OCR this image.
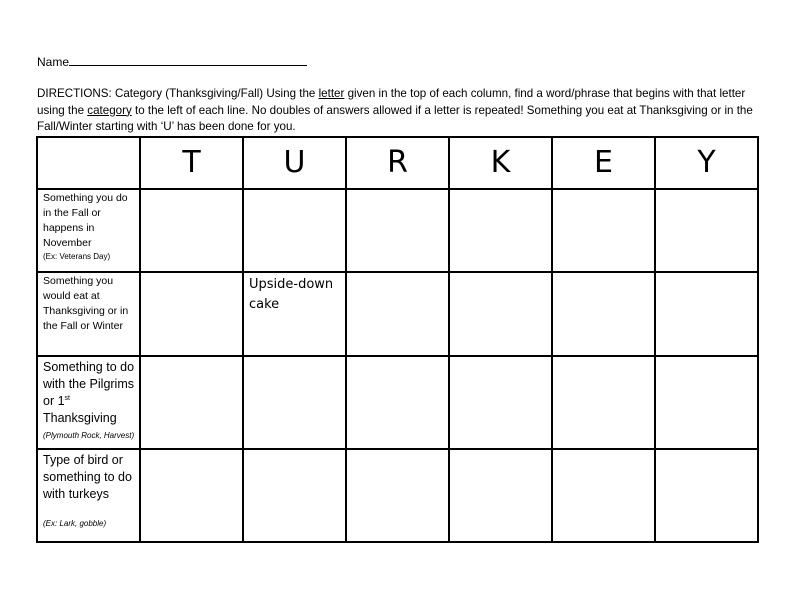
Name
DIRECTIONS: Category (Thanksgiving/Fall) Using the letter given in the top of each column, find a word/phrase that begins with that letter using the category to the left of each line. No doubles of answers allowed if a letter is repeated! Something you eat at Thanksgiving or in the Fall/Winter starting with ‘U’ has been done for you.
	T	U	R	K	E	Y

Something you do in the Fall or happens in November
(Ex: Veterans Day)						

Something you would eat at Thanksgiving or in the Fall or Winter		Upside-down cake				

Something to do with the Pilgrims or 1st Thanksgiving
(Plymouth Rock, Harvest)						

Type of bird or something to do with turkeys
(Ex: Lark, gobble)						
